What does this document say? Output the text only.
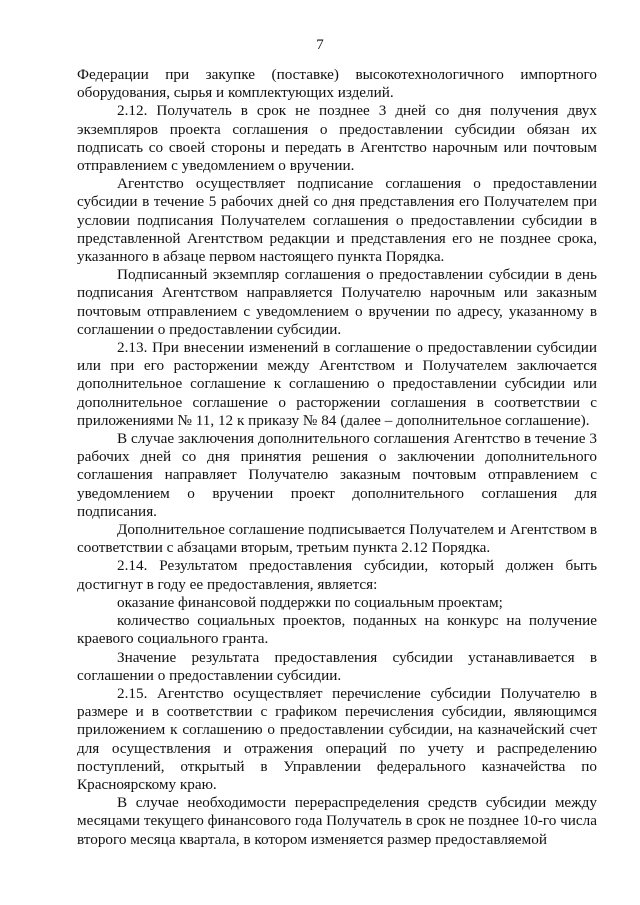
7

Федерации при закупке (поставке) высокотехнологичного импортного оборудования, сырья и комплектующих изделий.

2.12. Получатель в срок не позднее 3 дней со дня получения двух экземпляров проекта соглашения о предоставлении субсидии обязан их подписать со своей стороны и передать в Агентство нарочным или почтовым отправлением с уведомлением о вручении.

Агентство осуществляет подписание соглашения о предоставлении субсидии в течение 5 рабочих дней со дня представления его Получателем при условии подписания Получателем соглашения о предоставлении субсидии в представленной Агентством редакции и представления его не позднее срока, указанного в абзаце первом настоящего пункта Порядка.

Подписанный экземпляр соглашения о предоставлении субсидии в день подписания Агентством направляется Получателю нарочным или заказным почтовым отправлением с уведомлением о вручении по адресу, указанному в соглашении о предоставлении субсидии.

2.13. При внесении изменений в соглашение о предоставлении субсидии или при его расторжении между Агентством и Получателем заключается дополнительное соглашение к соглашению о предоставлении субсидии или дополнительное соглашение о расторжении соглашения в соответствии с приложениями № 11, 12 к приказу № 84 (далее – дополнительное соглашение).

В случае заключения дополнительного соглашения Агентство в течение 3 рабочих дней со дня принятия решения о заключении дополнительного соглашения направляет Получателю заказным почтовым отправлением с уведомлением о вручении проект дополнительного соглашения для подписания.

Дополнительное соглашение подписывается Получателем и Агентством в соответствии с абзацами вторым, третьим пункта 2.12 Порядка.

2.14. Результатом предоставления субсидии, который должен быть достигнут в году ее предоставления, является:

оказание финансовой поддержки по социальным проектам;

количество социальных проектов, поданных на конкурс на получение краевого социального гранта.

Значение результата предоставления субсидии устанавливается в соглашении о предоставлении субсидии.

2.15. Агентство осуществляет перечисление субсидии Получателю в размере и в соответствии с графиком перечисления субсидии, являющимся приложением к соглашению о предоставлении субсидии, на казначейский счет для осуществления и отражения операций по учету и распределению поступлений, открытый в Управлении федерального казначейства по Красноярскому краю.

В случае необходимости перераспределения средств субсидии между месяцами текущего финансового года Получатель в срок не позднее 10-го числа второго месяца квартала, в котором изменяется размер предоставляемой
